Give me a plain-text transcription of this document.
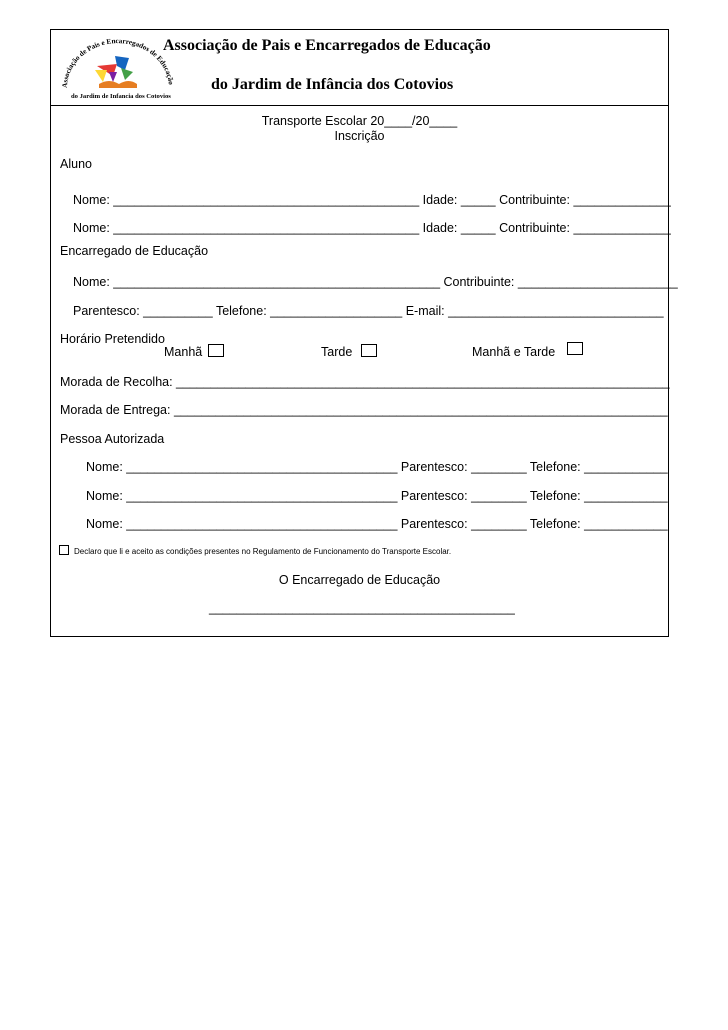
Associação de Pais e Encarregados de Educação
do Jardim de Infancia dos Cotovios
Associação de Pais e Encarregados de Educação
do Jardim de Infância dos Cotovios
Transporte Escolar 20____/20____
Inscrição
Aluno
Nome: ____________________________________________ Idade: _____ Contribuinte: ______________
Nome: ____________________________________________ Idade: _____ Contribuinte: ______________
Encarregado de Educação
Nome: _______________________________________________ Contribuinte: _______________________
Parentesco: __________ Telefone: ___________________ E-mail: _______________________________
Horário Pretendido
Manhã	Tarde	Manhã e Tarde
Morada de Recolha: _______________________________________________________________________
Morada de Entrega: _______________________________________________________________________
Pessoa Autorizada
Nome: _______________________________________ Parentesco: ________ Telefone: ____________
Nome: _______________________________________ Parentesco: ________ Telefone: ____________
Nome: _______________________________________ Parentesco: ________ Telefone: ____________
Declaro que li e aceito as condições presentes no Regulamento de Funcionamento do Transporte Escolar.
O Encarregado de Educação
____________________________________________
